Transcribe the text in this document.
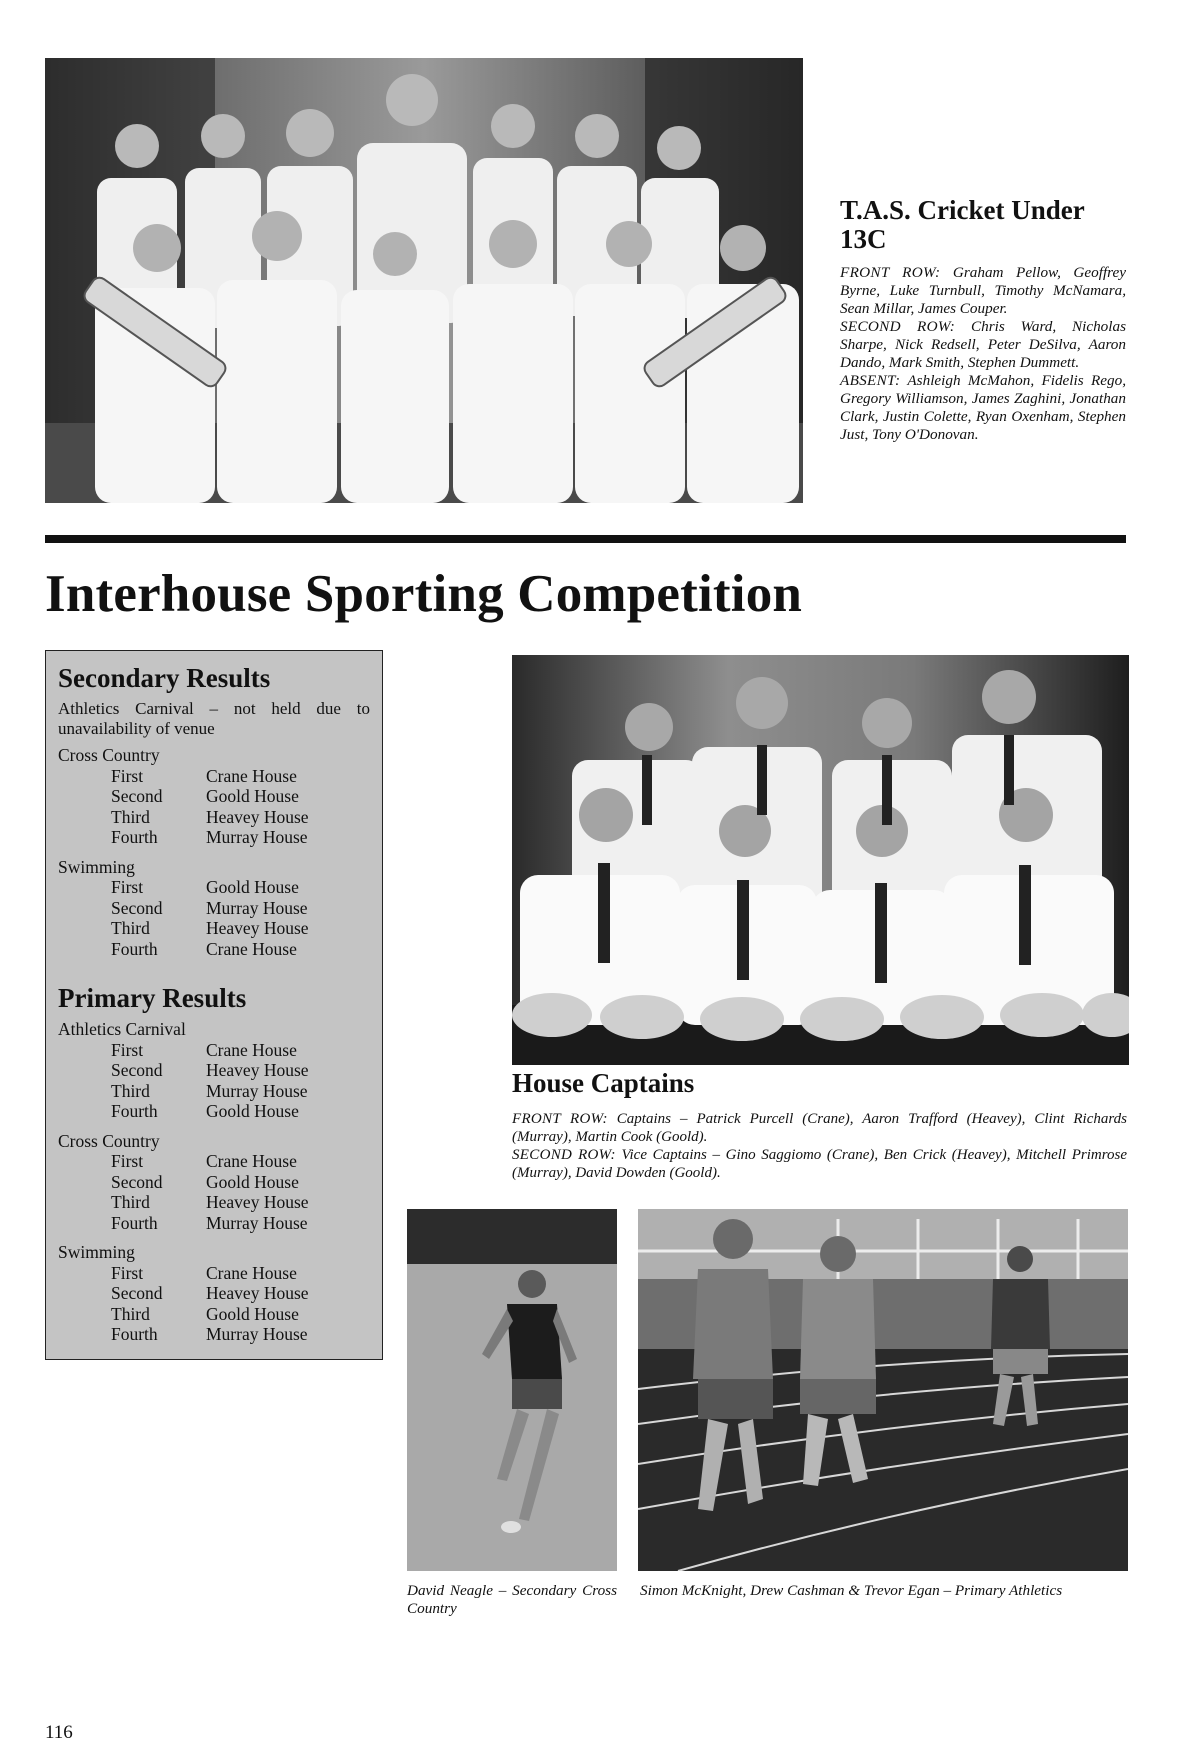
T.A.S. Cricket Under 13C

FRONT ROW: Graham Pellow, Geoffrey Byrne, Luke Turnbull, Timothy McNamara, Sean Millar, James Couper.

SECOND ROW: Chris Ward, Nicholas Sharpe, Nick Redsell, Peter DeSilva, Aaron Dando, Mark Smith, Stephen Dummett.

ABSENT: Ashleigh McMahon, Fidelis Rego, Gregory Williamson, James Zaghini, Jonathan Clark, Justin Colette, Ryan Oxenham, Stephen Just, Tony O'Donovan.

Interhouse Sporting Competition
Secondary Results
Athletics Carnival – not held due to unavailability of venue
Cross Country
First	Crane House
Second	Goold House
Third	Heavey House
Fourth	Murray House
Swimming
First	Goold House
Second	Murray House
Third	Heavey House
Fourth	Crane House
Primary Results
Athletics Carnival
First	Crane House
Second	Heavey House
Third	Murray House
Fourth	Goold House
Cross Country
First	Crane House
Second	Goold House
Third	Heavey House
Fourth	Murray House
Swimming
First	Crane House
Second	Heavey House
Third	Goold House
Fourth	Murray House
House Captains

FRONT ROW: Captains – Patrick Purcell (Crane), Aaron Trafford (Heavey), Clint Richards (Murray), Martin Cook (Goold).

SECOND ROW: Vice Captains – Gino Saggiomo (Crane), Ben Crick (Heavey), Mitchell Primrose (Murray), David Dowden (Goold).

David Neagle – Secondary Cross Country
Simon McKnight, Drew Cashman & Trevor Egan – Primary Athletics
116
